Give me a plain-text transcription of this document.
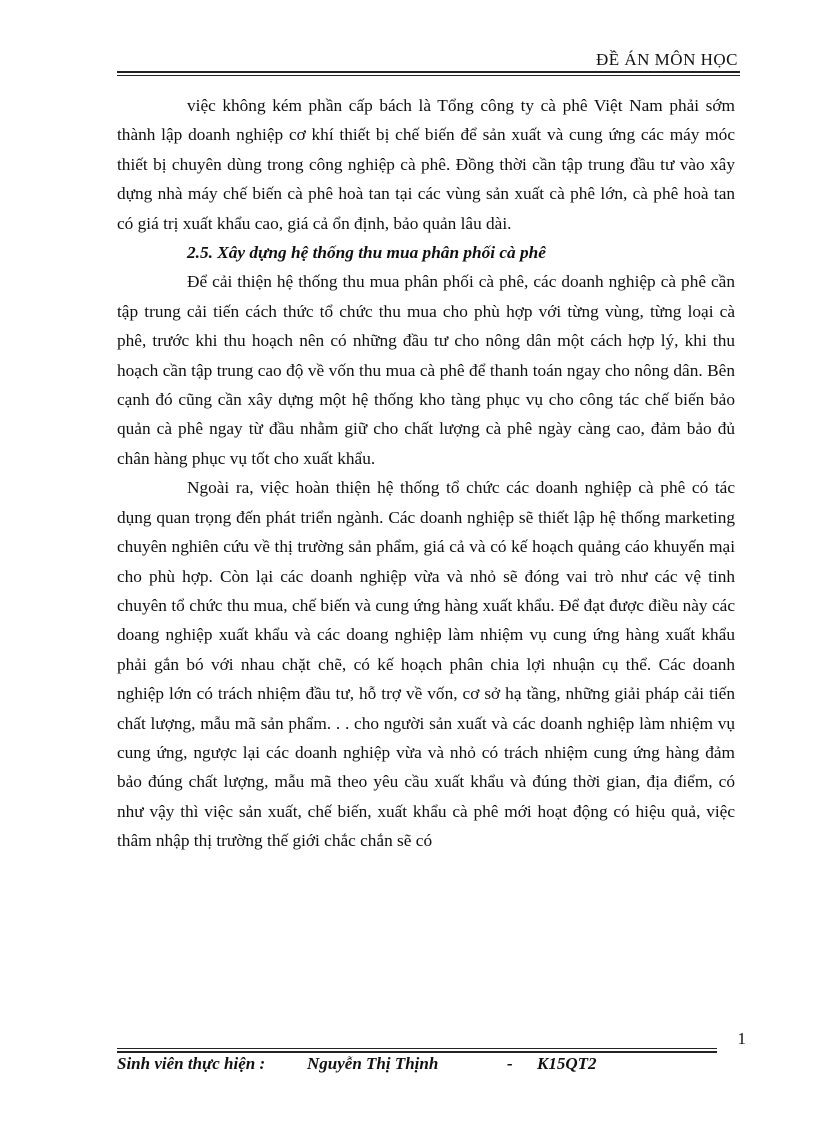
ĐỀ ÁN MÔN HỌC

việc không kém phần cấp bách là Tổng công ty cà phê Việt Nam phải sớm thành lập doanh nghiệp cơ khí thiết bị chế biến để sản xuất và cung ứng các máy móc thiết bị chuyên dùng trong công nghiệp cà phê. Đồng thời cần tập trung đầu tư vào xây dựng nhà máy chế biến cà phê hoà tan tại các vùng sản xuất cà phê lớn, cà phê hoà tan có giá trị xuất khẩu cao, giá cả ổn định, bảo quản lâu dài.

2.5. Xây dựng hệ thống thu mua phân phối cà phê

Để cải thiện hệ thống thu mua phân phối cà phê, các doanh nghiệp cà phê cần tập trung cải tiến cách thức tổ chức thu mua cho phù hợp với từng vùng, từng loại cà phê, trước khi thu hoạch nên có những đầu tư cho nông dân một cách hợp lý, khi thu hoạch cần tập trung cao độ về vốn thu mua cà phê để thanh toán ngay cho nông dân. Bên cạnh đó cũng cần xây dựng một hệ thống kho tàng phục vụ cho công tác chế biến bảo quản cà phê ngay từ đầu nhằm giữ cho chất lượng cà phê ngày càng cao, đảm bảo đủ chân hàng phục vụ tốt cho xuất khẩu.

Ngoài ra, việc hoàn thiện hệ thống tổ chức các doanh nghiệp cà phê có tác dụng quan trọng đến phát triển ngành. Các doanh nghiệp sẽ thiết lập hệ thống marketing chuyên nghiên cứu về thị trường sản phẩm, giá cả và có kế hoạch quảng cáo khuyến mại cho phù hợp. Còn lại các doanh nghiệp vừa và nhỏ sẽ đóng vai trò như các vệ tinh chuyên tổ chức thu mua, chế biến và cung ứng hàng xuất khẩu. Để đạt được điều này các doang nghiệp xuất khẩu và các doang nghiệp làm nhiệm vụ cung ứng hàng xuất khẩu phải gắn bó với nhau chặt chẽ, có kế hoạch phân chia lợi nhuận cụ thể. Các doanh nghiệp lớn có trách nhiệm đầu tư, hỗ trợ về vốn, cơ sở hạ tầng, những giải pháp cải tiến chất lượng, mẫu mã sản phẩm. . . cho người sản xuất và các doanh nghiệp làm nhiệm vụ cung ứng, ngược lại các doanh nghiệp vừa và nhỏ có trách nhiệm cung ứng hàng đảm bảo đúng chất lượng, mẫu mã theo yêu cầu xuất khẩu và đúng thời gian, địa điểm, có như vậy thì việc sản xuất, chế biến, xuất khẩu cà phê mới hoạt động có hiệu quả, việc thâm nhập thị trường thế giới chắc chắn sẽ có

1
Sinh viên thực hiện : Nguyễn Thị Thịnh	- K15QT2
